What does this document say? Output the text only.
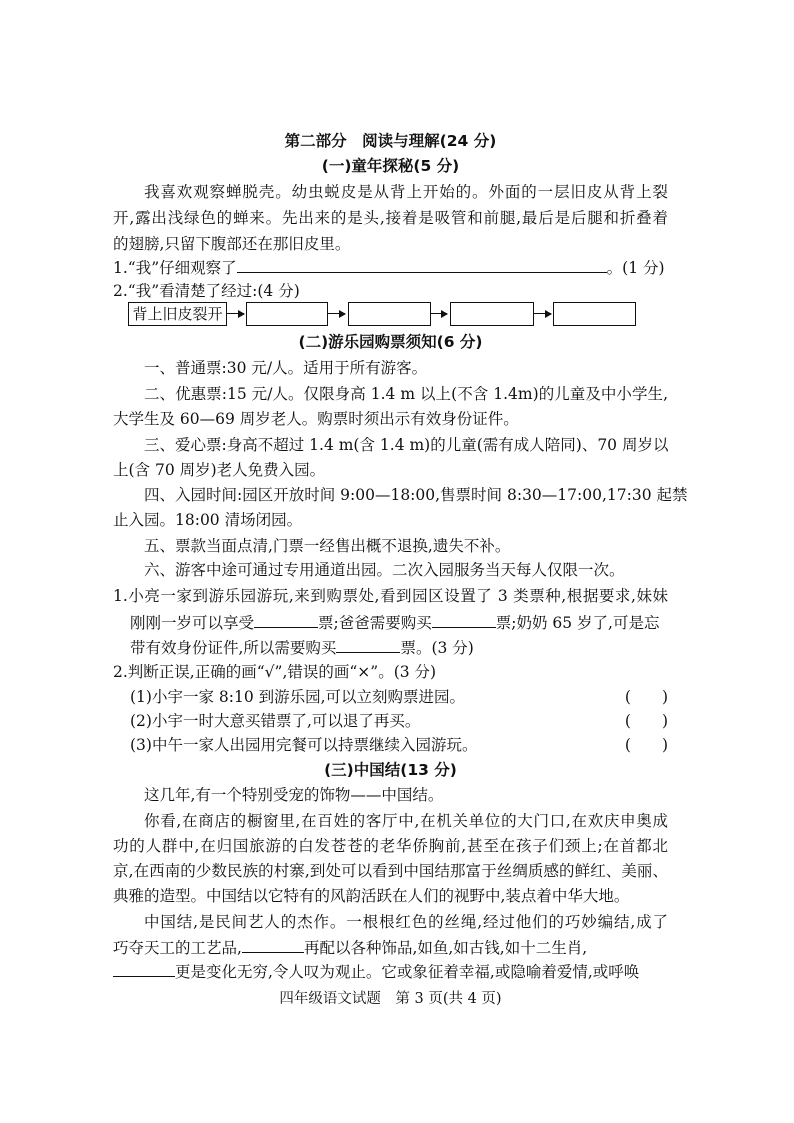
第二部分　阅读与理解(24 分)
(一)童年探秘(5 分)
我喜欢观察蝉脱壳。幼虫蜕皮是从背上开始的。外面的一层旧皮从背上裂
开,露出浅绿色的蝉来。先出来的是头,接着是吸管和前腿,最后是后腿和折叠着
的翅膀,只留下腹部还在那旧皮里。
1.“我”仔细观察了	。(1 分)
2.“我”看清楚了经过:(4 分)
背上旧皮裂开
(二)游乐园购票须知(6 分)
一、普通票:30 元/人。适用于所有游客。
二、优惠票:15 元/人。仅限身高 1.4 m 以上(不含 1.4m)的儿童及中小学生,
大学生及 60—69 周岁老人。购票时须出示有效身份证件。
三、爱心票:身高不超过 1.4 m(含 1.4 m)的儿童(需有成人陪同)、70 周岁以
上(含 70 周岁)老人免费入园。
四、入园时间:园区开放时间 9:00—18:00,售票时间 8:30—17:00,17:30 起禁
止入园。18:00 清场闭园。
五、票款当面点清,门票一经售出概不退换,遗失不补。
六、游客中途可通过专用通道出园。二次入园服务当天每人仅限一次。
1.小亮一家到游乐园游玩,来到购票处,看到园区设置了 3 类票种,根据要求,妹妹
刚刚一岁可以享受	票;爸爸需要购买	票;奶奶 65 岁了,可是忘
带有效身份证件,所以需要购买	票。(3 分)
2.判断正误,正确的画“√”,错误的画“×”。(3 分)
(1)小宇一家 8:10 到游乐园,可以立刻购票进园。	(　　)
(2)小宇一时大意买错票了,可以退了再买。	(　　)
(3)中午一家人出园用完餐可以持票继续入园游玩。	(　　)
(三)中国结(13 分)
这几年,有一个特别受宠的饰物——中国结。
你看,在商店的橱窗里,在百姓的客厅中,在机关单位的大门口,在欢庆申奥成
功的人群中,在归国旅游的白发苍苍的老华侨胸前,甚至在孩子们颈上;在首都北
京,在西南的少数民族的村寨,到处可以看到中国结那富于丝绸质感的鲜红、美丽、
典雅的造型。中国结以它特有的风韵活跃在人们的视野中,装点着中华大地。
中国结,是民间艺人的杰作。一根根红色的丝绳,经过他们的巧妙编结,成了
巧夺天工的工艺品,	再配以各种饰品,如鱼,如古钱,如十二生肖,
更是变化无穷,令人叹为观止。它或象征着幸福,或隐喻着爱情,或呼唤
四年级语文试题　第 3 页(共 4 页)
